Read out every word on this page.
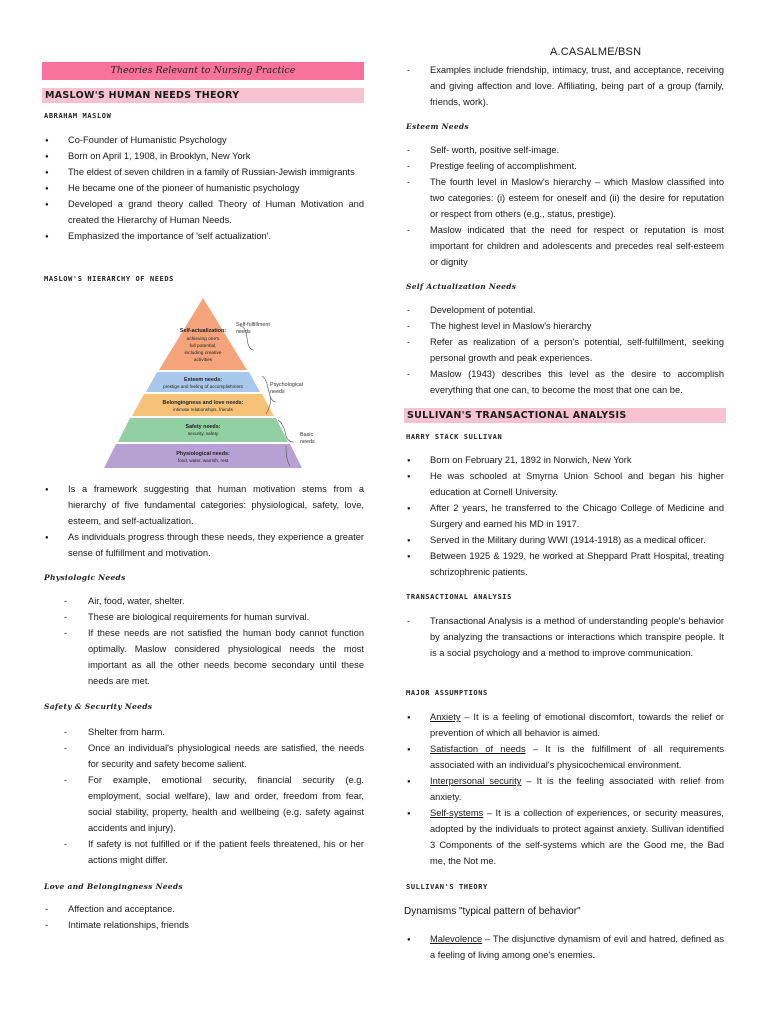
A.CASALME/BSN
Theories Relevant to Nursing Practice
MASLOW'S HUMAN NEEDS THEORY
ABRAHAM MASLOW
●
Co-Founder of Humanistic Psychology
●
Born on April 1, 1908, in Brooklyn, New York
●
The eldest of seven children in a family of Russian-Jewish immigrants
●
He became one of the pioneer of humanistic psychology
●
Developed a grand theory called Theory of Human Motivation and created the Hierarchy of Human Needs.
●
Emphasized the importance of 'self actualization'.
MASLOW'S HIERARCHY OF NEEDS
Self-actualization:
achieving one's
full potential,
including creative
activities
Esteem needs:
prestige and feeling of accomplishment
Belongingness and love needs:
intimate relationships, friends
Safety needs:
security, safety
Physiological needs:
food, water, warmth, rest
Self-fulfillment
needs
Psychological
needs
Basic
needs
●
Is a framework suggesting that human motivation stems from a hierarchy of five fundamental categories: physiological, safety, love, esteem, and self-actualization.
●
As individuals progress through these needs, they experience a greater sense of fulfillment and motivation.
Physiologic Needs
-
Air, food, water, shelter.
-
These are biological requirements for human survival.
-
If these needs are not satisfied the human body cannot function optimally. Maslow considered physiological needs the most important as all the other needs become secondary until these needs are met.
Safety & Security Needs
-
Shelter from harm.
-
Once an individual's physiological needs are satisfied, the needs for security and safety become salient.
-
For example, emotional security, financial security (e.g. employment, social welfare), law and order, freedom from fear, social stability, property, health and wellbeing (e.g. safety against accidents and injury).
-
If safety is not fulfilled or if the patient feels threatened, his or her actions might differ.
Love and Belongingness Needs
-
Affection and acceptance.
-
Intimate relationships, friends
-
Examples include friendship, intimacy, trust, and acceptance, receiving and giving affection and love. Affiliating, being part of a group (family, friends, work).
Esteem Needs
-
Self- worth, positive self-image.
-
Prestige feeling of accomplishment.
-
The fourth level in Maslow's hierarchy – which Maslow classified into two categories: (i) esteem for oneself and (ii) the desire for reputation or respect from others (e.g., status, prestige).
-
Maslow indicated that the need for respect or reputation is most important for children and adolescents and precedes real self-esteem or dignity
Self Actualization Needs
-
Development of potential.
-
The highest level in Maslow's hierarchy
-
Refer as realization of a person's potential, self-fulfillment, seeking personal growth and peak experiences.
-
Maslow (1943) describes this level as the desire to accomplish everything that one can, to become the most that one can be.
SULLIVAN'S TRANSACTIONAL ANALYSIS
HARRY STACK SULLIVAN
●
Born on February 21, 1892 in Norwich, New York
●
He was schooled at Smyrna Union School and began his higher education at Cornell University.
●
After 2 years, he transferred to the Chicago College of Medicine and Surgery and earned his MD in 1917.
●
Served in the Military during WWI (1914-1918) as a medical officer.
●
Between 1925 & 1929, he worked at Sheppard Pratt Hospital, treating schrizophrenic patients.
TRANSACTIONAL ANALYSIS
-
Transactional Analysis is a method of understanding people's behavior by analyzing the transactions or interactions which transpire people. It is a social psychology and a method to improve communication.
MAJOR ASSUMPTIONS
●
Anxiety – It is a feeling of emotional discomfort, towards the relief or prevention of which all behavior is aimed.
●
Satisfaction of needs – It is the fulfillment of all requirements associated with an individual's physicochemical environment.
●
Interpersonal security – It is the feeling associated with relief from anxiety.
●
Self-systems – It is a collection of experiences, or security measures, adopted by the individuals to protect against anxiety. Sullivan identified 3 Components of the self-systems which are the Good me, the Bad me, the Not me.
SULLIVAN'S THEORY
Dynamisms "typical pattern of behavior"
●
Malevolence – The disjunctive dynamism of evil and hatred, defined as a feeling of living among one's enemies.
